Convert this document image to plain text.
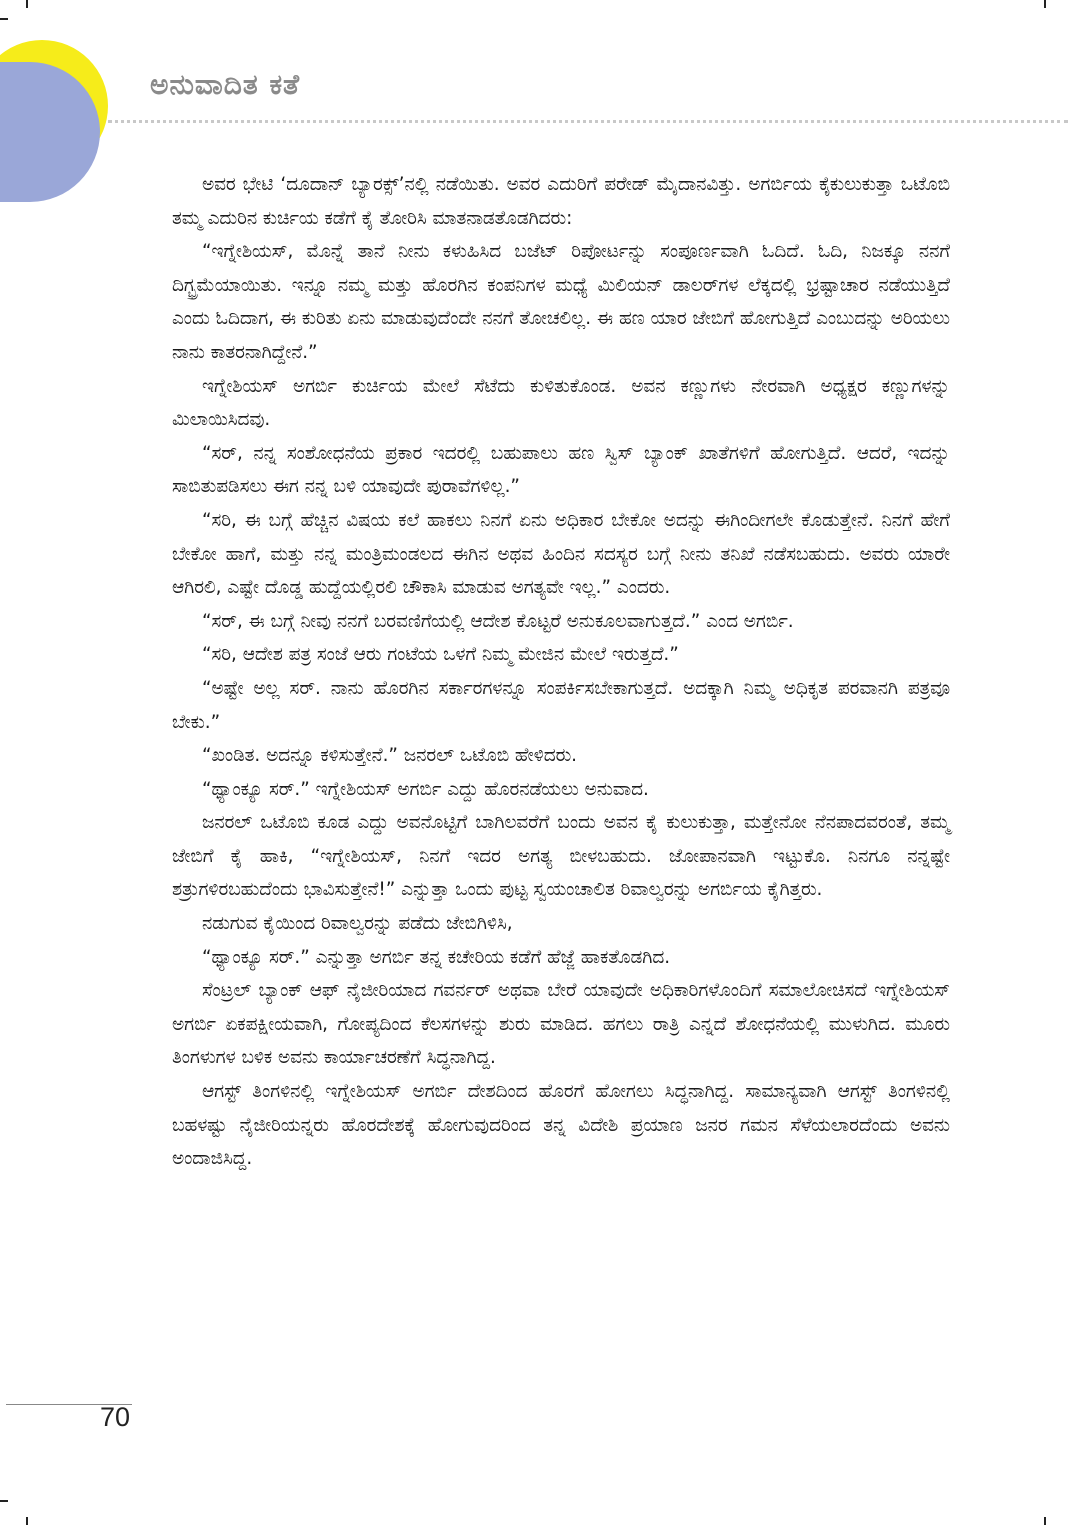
ಅನುವಾದಿತ ಕತೆ

ಅವರ ಭೇಟಿ ‘ದೂದಾನ್ ಬ್ಯಾರಕ್ಸ್’ನಲ್ಲಿ ನಡೆಯಿತು. ಅವರ ಎದುರಿಗೆ ಪರೇಡ್ ಮೈದಾನವಿತ್ತು. ಅಗರ್ಬಿಯ ಕೈಕುಲುಕುತ್ತಾ ಒಟೊಬಿ ತಮ್ಮ ಎದುರಿನ ಕುರ್ಚಿಯ ಕಡೆಗೆ ಕೈ ತೋರಿಸಿ ಮಾತನಾಡತೊಡಗಿದರು:

“ಇಗ್ನೇಶಿಯಸ್, ಮೊನ್ನೆ ತಾನೆ ನೀನು ಕಳುಹಿಸಿದ ಬಜೆಟ್ ರಿಪೋರ್ಟನ್ನು ಸಂಪೂರ್ಣವಾಗಿ ಓದಿದೆ. ಓದಿ, ನಿಜಕ್ಕೂ ನನಗೆ ದಿಗ್ಭ್ರಮೆಯಾಯಿತು. ಇನ್ನೂ ನಮ್ಮ ಮತ್ತು ಹೊರಗಿನ ಕಂಪನಿಗಳ ಮಧ್ಯೆ ಮಿಲಿಯನ್ ಡಾಲರ್‌ಗಳ ಲೆಕ್ಕದಲ್ಲಿ ಭ್ರಷ್ಟಾಚಾರ ನಡೆಯುತ್ತಿದೆ ಎಂದು ಓದಿದಾಗ, ಈ ಕುರಿತು ಏನು ಮಾಡುವುದೆಂದೇ ನನಗೆ ತೋಚಲಿಲ್ಲ. ಈ ಹಣ ಯಾರ ಜೇಬಿಗೆ ಹೋಗುತ್ತಿದೆ ಎಂಬುದನ್ನು ಅರಿಯಲು ನಾನು ಕಾತರನಾಗಿದ್ದೇನೆ.”

ಇಗ್ನೇಶಿಯಸ್ ಅಗರ್ಬಿ ಕುರ್ಚಿಯ ಮೇಲೆ ಸೆಟೆದು ಕುಳಿತುಕೊಂಡ. ಅವನ ಕಣ್ಣುಗಳು ನೇರವಾಗಿ ಅಧ್ಯಕ್ಷರ ಕಣ್ಣುಗಳನ್ನು ಮಿಲಾಯಿಸಿದವು.

“ಸರ್, ನನ್ನ ಸಂಶೋಧನೆಯ ಪ್ರಕಾರ ಇದರಲ್ಲಿ ಬಹುಪಾಲು ಹಣ ಸ್ವಿಸ್ ಬ್ಯಾಂಕ್ ಖಾತೆಗಳಿಗೆ ಹೋಗುತ್ತಿದೆ. ಆದರೆ, ಇದನ್ನು ಸಾಬಿತುಪಡಿಸಲು ಈಗ ನನ್ನ ಬಳಿ ಯಾವುದೇ ಪುರಾವೆಗಳಿಲ್ಲ.”

“ಸರಿ, ಈ ಬಗ್ಗೆ ಹೆಚ್ಚಿನ ವಿಷಯ ಕಲೆ ಹಾಕಲು ನಿನಗೆ ಏನು ಅಧಿಕಾರ ಬೇಕೋ ಅದನ್ನು ಈಗಿಂದೀಗಲೇ ಕೊಡುತ್ತೇನೆ. ನಿನಗೆ ಹೇಗೆ ಬೇಕೋ ಹಾಗೆ, ಮತ್ತು ನನ್ನ ಮಂತ್ರಿಮಂಡಲದ ಈಗಿನ ಅಥವ ಹಿಂದಿನ ಸದಸ್ಯರ ಬಗ್ಗೆ ನೀನು ತನಿಖೆ ನಡೆಸಬಹುದು. ಅವರು ಯಾರೇ ಆಗಿರಲಿ, ಎಷ್ಟೇ ದೊಡ್ಡ ಹುದ್ದೆಯಲ್ಲಿರಲಿ ಚೌಕಾಸಿ ಮಾಡುವ ಅಗತ್ಯವೇ ಇಲ್ಲ.” ಎಂದರು.

“ಸರ್, ಈ ಬಗ್ಗೆ ನೀವು ನನಗೆ ಬರವಣಿಗೆಯಲ್ಲಿ ಆದೇಶ ಕೊಟ್ಟರೆ ಅನುಕೂಲವಾಗುತ್ತದೆ.” ಎಂದ ಅಗರ್ಬಿ.

“ಸರಿ, ಆದೇಶ ಪತ್ರ ಸಂಜೆ ಆರು ಗಂಟೆಯ ಒಳಗೆ ನಿಮ್ಮ ಮೇಜಿನ ಮೇಲೆ ಇರುತ್ತದೆ.”

“ಅಷ್ಟೇ ಅಲ್ಲ ಸರ್. ನಾನು ಹೊರಗಿನ ಸರ್ಕಾರಗಳನ್ನೂ ಸಂಪರ್ಕಿಸಬೇಕಾಗುತ್ತದೆ. ಅದಕ್ಕಾಗಿ ನಿಮ್ಮ ಅಧಿಕೃತ ಪರವಾನಗಿ ಪತ್ರವೂ ಬೇಕು.”

“ಖಂಡಿತ. ಅದನ್ನೂ ಕಳಿಸುತ್ತೇನೆ.” ಜನರಲ್ ಒಟೊಬಿ ಹೇಳಿದರು.

“ಥ್ಯಾಂಕ್ಯೂ ಸರ್.” ಇಗ್ನೇಶಿಯಸ್ ಅಗರ್ಬಿ ಎದ್ದು ಹೊರನಡೆಯಲು ಅನುವಾದ.

ಜನರಲ್ ಒಟೊಬಿ ಕೂಡ ಎದ್ದು ಅವನೊಟ್ಟಿಗೆ ಬಾಗಿಲವರೆಗೆ ಬಂದು ಅವನ ಕೈ ಕುಲುಕುತ್ತಾ, ಮತ್ತೇನೋ ನೆನಪಾದವರಂತೆ, ತಮ್ಮ ಜೇಬಿಗೆ ಕೈ ಹಾಕಿ, “ಇಗ್ನೇಶಿಯಸ್, ನಿನಗೆ ಇದರ ಅಗತ್ಯ ಬೀಳಬಹುದು. ಜೋಪಾನವಾಗಿ ಇಟ್ಟುಕೊ. ನಿನಗೂ ನನ್ನಷ್ಟೇ ಶತ್ರುಗಳಿರಬಹುದೆಂದು ಭಾವಿಸುತ್ತೇನೆ!” ಎನ್ನುತ್ತಾ ಒಂದು ಪುಟ್ಟ ಸ್ವಯಂಚಾಲಿತ ರಿವಾಲ್ವರನ್ನು ಅಗರ್ಬಿಯ ಕೈಗಿತ್ತರು.

ನಡುಗುವ ಕೈಯಿಂದ ರಿವಾಲ್ವರನ್ನು ಪಡೆದು ಜೇಬಿಗಿಳಿಸಿ,

“ಥ್ಯಾಂಕ್ಯೂ ಸರ್.” ಎನ್ನುತ್ತಾ ಅಗರ್ಬಿ ತನ್ನ ಕಚೇರಿಯ ಕಡೆಗೆ ಹೆಜ್ಜೆ ಹಾಕತೊಡಗಿದ.

ಸೆಂಟ್ರಲ್ ಬ್ಯಾಂಕ್ ಆಫ್ ನೈಜೀರಿಯಾದ ಗವರ್ನರ್ ಅಥವಾ ಬೇರೆ ಯಾವುದೇ ಅಧಿಕಾರಿಗಳೊಂದಿಗೆ ಸಮಾಲೋಚಿಸದೆ ಇಗ್ನೇಶಿಯಸ್ ಅಗರ್ಬಿ ಏಕಪಕ್ಷೀಯವಾಗಿ, ಗೋಪ್ಯದಿಂದ ಕೆಲಸಗಳನ್ನು ಶುರು ಮಾಡಿದ. ಹಗಲು ರಾತ್ರಿ ಎನ್ನದೆ ಶೋಧನೆಯಲ್ಲಿ ಮುಳುಗಿದ. ಮೂರು ತಿಂಗಳುಗಳ ಬಳಿಕ ಅವನು ಕಾರ್ಯಾಚರಣೆಗೆ ಸಿದ್ಧನಾಗಿದ್ದ.

ಆಗಸ್ಟ್ ತಿಂಗಳಿನಲ್ಲಿ ಇಗ್ನೇಶಿಯಸ್ ಅಗರ್ಬಿ ದೇಶದಿಂದ ಹೊರಗೆ ಹೋಗಲು ಸಿದ್ಧನಾಗಿದ್ದ. ಸಾಮಾನ್ಯವಾಗಿ ಆಗಸ್ಟ್ ತಿಂಗಳಿನಲ್ಲಿ ಬಹಳಷ್ಟು ನೈಜೀರಿಯನ್ನರು ಹೊರದೇಶಕ್ಕೆ ಹೋಗುವುದರಿಂದ ತನ್ನ ವಿದೇಶಿ ಪ್ರಯಾಣ ಜನರ ಗಮನ ಸೆಳೆಯಲಾರದೆಂದು ಅವನು ಅಂದಾಜಿಸಿದ್ದ.

70
